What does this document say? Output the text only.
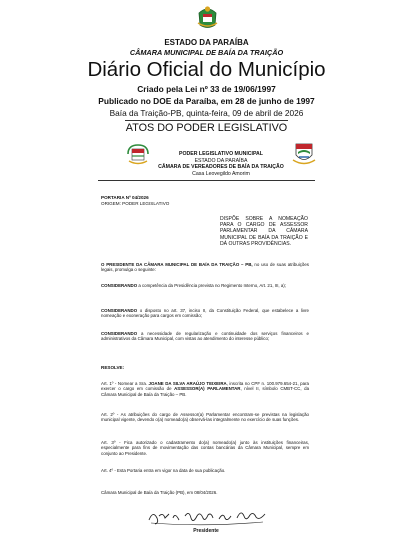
ESTADO DA PARAÍBA
CÂMARA MUNICIPAL DE BAÍA DA TRAIÇÃO
Diário Oficial do Município
Criado pela Lei nº 33 de 19/06/1997
Publicado no DOE da Paraíba, em 28 de junho de 1997
Baía da Traição-PB, quinta-feira, 09 de abril de 2026
ATOS DO PODER LEGISLATIVO
PODER LEGISLATIVO MUNICIPAL
ESTADO DA PARAÍBA
CÂMARA DE VEREADORES DE BAÍA DA TRAIÇÃO
Casa Leovegildo Amorim
PORTARIA Nº 04/2026
ORIGEM: PODER LEGISLATIVO

DISPÕE SOBRE A NOMEAÇÃO PARA O CARGO DE ASSESSOR PARLAMENTAR DA CÂMARA MUNICIPAL DE BAÍA DA TRAIÇÃO E DÁ OUTRAS PROVIDÊNCIAS.

O PRESIDENTE DA CÂMARA MUNICIPAL DE BAÍA DA TRAIÇÃO – PB, no uso de suas atribuições legais, promulga o seguinte:

CONSIDERANDO a competência da Presidência prevista no Regimento Interno, Art. 21, III, a);

CONSIDERANDO o disposto no art. 37, inciso II, da Constituição Federal, que estabelece a livre nomeação e exoneração para cargos em comissão;

CONSIDERANDO a necessidade de regularização e continuidade dos serviços financeiros e administrativos da Câmara Municipal, com vistas ao atendimento do interesse público;

RESOLVE:

Art. 1º - Nomear a Sra. JOANE DA SILVA ARAÚJO TEIXEIRA, inscrita no CPF n. 100.979.654-21, para exercer o cargo em comissão de ASSESSOR(A) PARLAMENTAR, nível II, símbolo CMBT-CC, da Câmara Municipal de Baía da Traição – PB.

Art. 2º - As atribuições do cargo de Assessor(a) Parlamentar encontram-se previstas na legislação municipal vigente, devendo o(a) nomeado(a) observá-las integralmente no exercício de suas funções.

Art. 3º - Fica autorizado o cadastramento do(a) nomeado(a) junto às instituições financeiras, especialmente para fins de movimentação das contas bancárias da Câmara Municipal, sempre em conjunto ao Presidente.

Art. 4º - Esta Portaria entra em vigor na data de sua publicação.

Câmara Municipal de Baía da Traição (PB), em 08/04/2026.

Presidente
